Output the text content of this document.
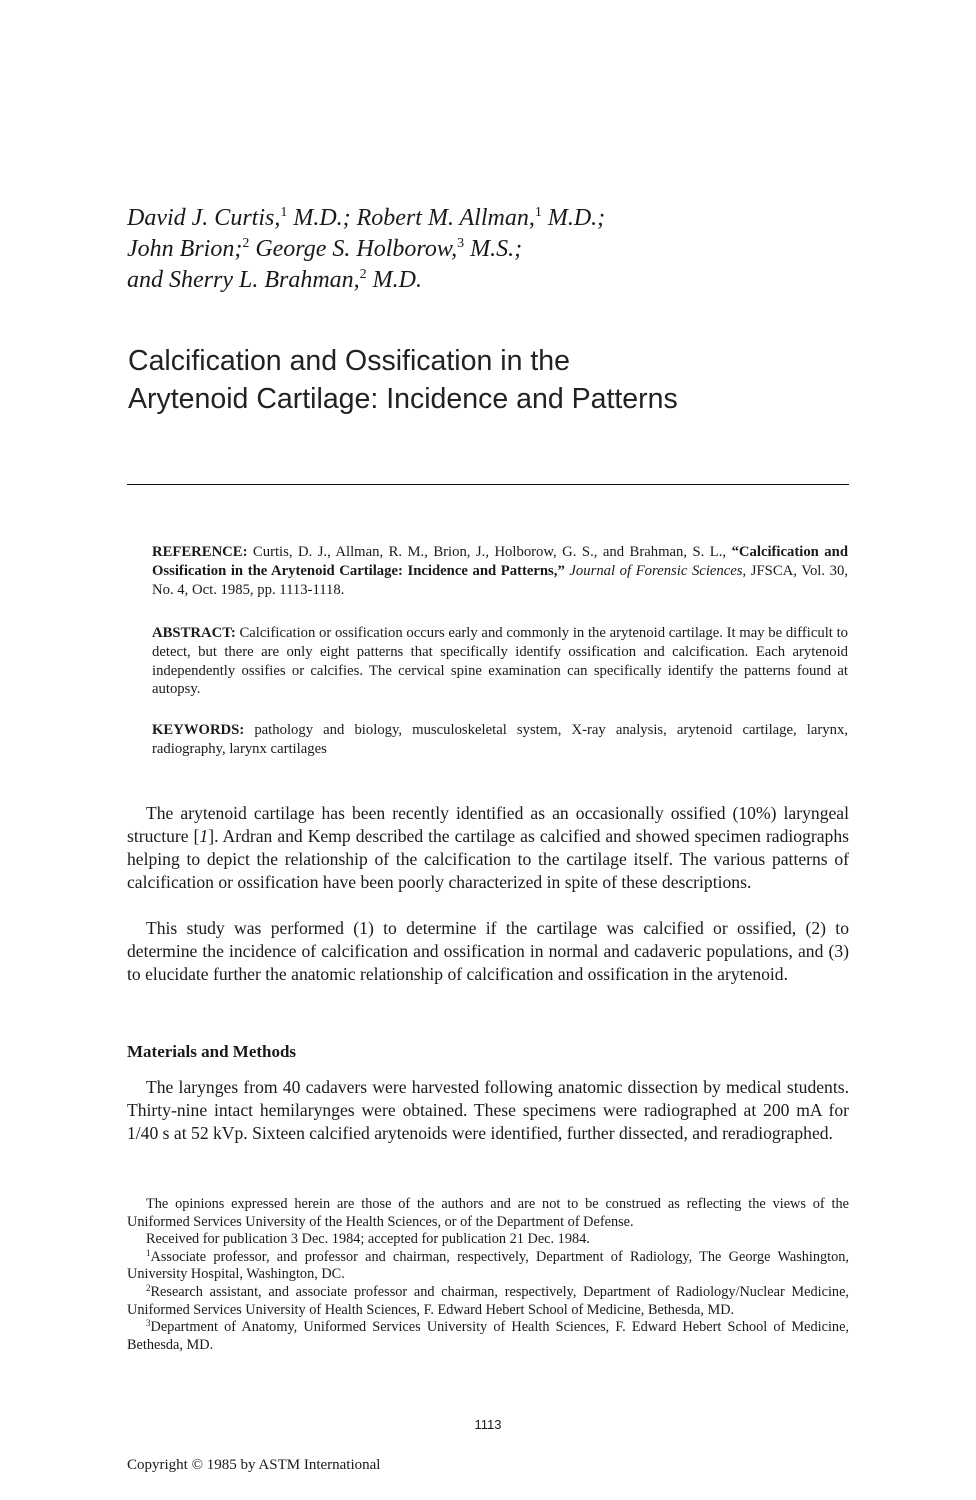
David J. Curtis,$^1$ M.D.; Robert M. Allman,$^1$ M.D.;
John Brion;$^2$ George S. Holborow,$^3$ M.S.;
and Sherry L. Brahman,$^2$ M.D.
Calcification and Ossification in the
Arytenoid Cartilage: Incidence and Patterns
REFERENCE: Curtis, D. J., Allman, R. M., Brion, J., Holborow, G. S., and Brahman, S. L., “Calcification and Ossification in the Arytenoid Cartilage: Incidence and Patterns,” Journal of Forensic Sciences, JFSCA, Vol. 30, No. 4, Oct. 1985, pp. 1113-1118.
ABSTRACT: Calcification or ossification occurs early and commonly in the arytenoid cartilage. It may be difficult to detect, but there are only eight patterns that specifically identify ossification and calcification. Each arytenoid independently ossifies or calcifies. The cervical spine examination can specifically identify the patterns found at autopsy.
KEYWORDS: pathology and biology, musculoskeletal system, X-ray analysis, arytenoid cartilage, larynx, radiography, larynx cartilages

The arytenoid cartilage has been recently identified as an occasionally ossified (10%) laryngeal structure [1]. Ardran and Kemp described the cartilage as calcified and showed specimen radiographs helping to depict the relationship of the calcification to the cartilage itself. The various patterns of calcification or ossification have been poorly characterized in spite of these descriptions.

This study was performed (1) to determine if the cartilage was calcified or ossified, (2) to determine the incidence of calcification and ossification in normal and cadaveric populations, and (3) to elucidate further the anatomic relationship of calcification and ossification in the arytenoid.

Materials and Methods

The larynges from 40 cadavers were harvested following anatomic dissection by medical students. Thirty-nine intact hemilarynges were obtained. These specimens were radiographed at 200 mA for 1/40 s at 52 kVp. Sixteen calcified arytenoids were identified, further dissected, and reradiographed.

The opinions expressed herein are those of the authors and are not to be construed as reflecting the views of the Uniformed Services University of the Health Sciences, or of the Department of Defense.

Received for publication 3 Dec. 1984; accepted for publication 21 Dec. 1984.

$^1$Associate professor, and professor and chairman, respectively, Department of Radiology, The George Washington, University Hospital, Washington, DC.

$^2$Research assistant, and associate professor and chairman, respectively, Department of Radiology/Nuclear Medicine, Uniformed Services University of Health Sciences, F. Edward Hebert School of Medicine, Bethesda, MD.

$^3$Department of Anatomy, Uniformed Services University of Health Sciences, F. Edward Hebert School of Medicine, Bethesda, MD.

1113
Copyright © 1985 by ASTM International
